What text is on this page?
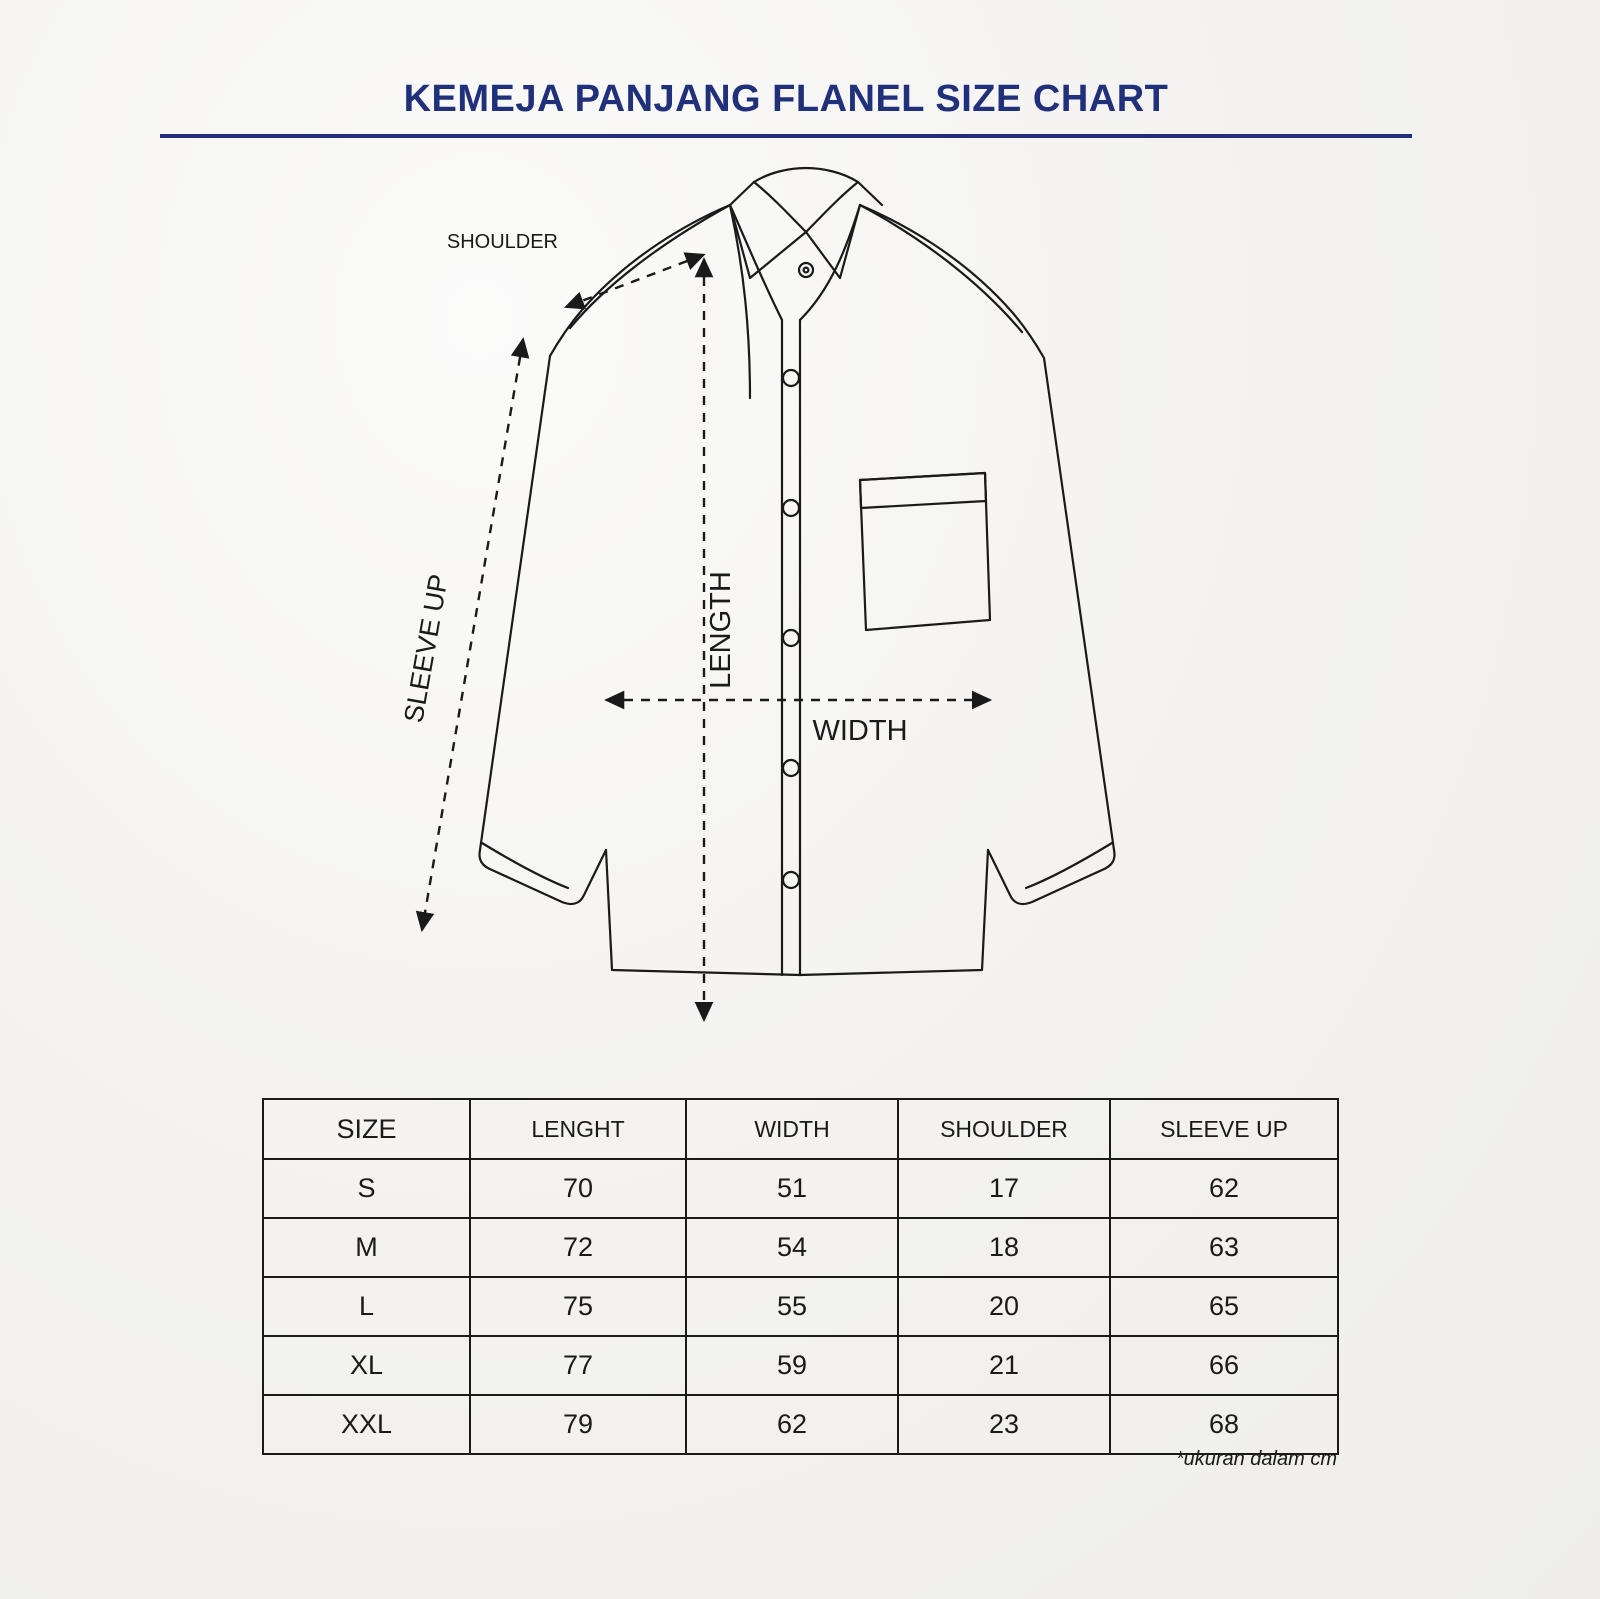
KEMEJA PANJANG FLANEL SIZE CHART
SHOULDER
LENGTH
WIDTH
SLEEVE UP
SIZE	LENGHT	WIDTH	SHOULDER	SLEEVE UP
S	70	51	17	62
M	72	54	18	63
L	75	55	20	65
XL	77	59	21	66
XXL	79	62	23	68
*ukuran dalam cm
